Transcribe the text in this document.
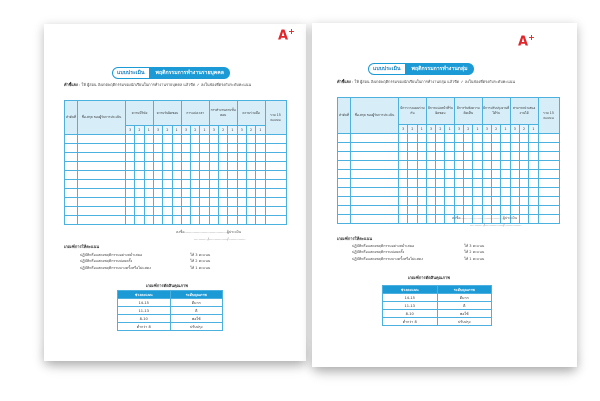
A+
แบบประเมิน	พฤติกรรมการทำงานรายบุคคล
คำชี้แจง : ให้ ผู้สอน สังเกตพฤติกรรมของนักเรียนในการทำงานรายบุคคล แล้วขีด ✓ ลงในช่องที่ตรงกับระดับคะแนน
ลำดับที่	ชื่อ-สกุล ของผู้รับการประเมิน	ความมีวินัย			ความรับผิดชอบ			การแบ่งเวลา			การทำงานตามขั้นตอน			ความร่วมมือ			รวม 15 คะแนน
		3	2	1	3	2	1	3	2	1	3	2	1	3	2	1	

ลงชื่อ.....................................ผู้ประเมิน
............/................/...............
เกณฑ์การให้คะแนน
ปฏิบัติหรือแสดงพฤติกรรมอย่างสม่ำเสมอ	ให้ 3 คะแนน
ปฏิบัติหรือแสดงพฤติกรรมบ่อยครั้ง	ให้ 2 คะแนน
ปฏิบัติหรือแสดงพฤติกรรมบางครั้งหรือไม่แสดง	ให้ 1 คะแนน
เกณฑ์การตัดสินคุณภาพ
ช่วงคะแนน	ระดับคุณภาพ
14-15	ดีมาก
11-13	ดี
8-10	พอใช้
ต่ำกว่า 8	ปรับปรุง
A+
แบบประเมิน	พฤติกรรมการทำงานกลุ่ม
คำชี้แจง : ให้ ผู้สอน สังเกตพฤติกรรมของนักเรียนในการทำงานกลุ่ม แล้วขีด ✓ ลงในช่องที่ตรงกับระดับคะแนน
ลำดับที่	ชื่อ-สกุล ของผู้รับการประเมิน	มีการวางแผนร่วมกัน			มีการแบ่งหน้าที่รับผิดชอบ			มีการรับฟังความคิดเห็น			มีการปรับปรุงงานที่ได้รับ			สามารถนำเสนองานได้			รวม 15 คะแนน
		3	2	1	3	2	1	3	2	1	3	2	1	3	2	1	

ลงชื่อ.....................................ผู้ประเมิน
............/................/...............
เกณฑ์การให้คะแนน
ปฏิบัติหรือแสดงพฤติกรรมอย่างสม่ำเสมอ	ให้ 3 คะแนน
ปฏิบัติหรือแสดงพฤติกรรมบ่อยครั้ง	ให้ 2 คะแนน
ปฏิบัติหรือแสดงพฤติกรรมบางครั้งหรือไม่แสดง	ให้ 1 คะแนน
เกณฑ์การตัดสินคุณภาพ
ช่วงคะแนน	ระดับคุณภาพ
14-15	ดีมาก
11-13	ดี
8-10	พอใช้
ต่ำกว่า 8	ปรับปรุง
